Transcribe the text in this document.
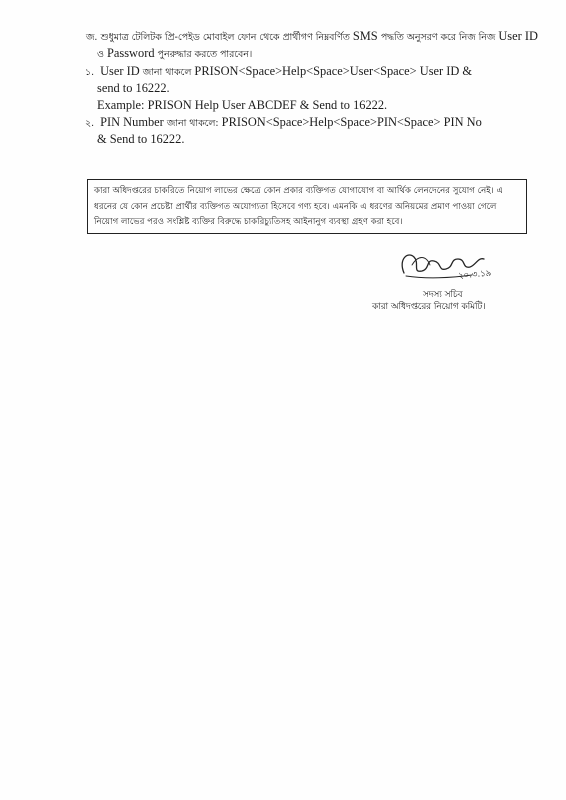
জ. শুধুমাত্র টেলিটক প্রি-পেইড মোবাইল ফোন থেকে প্রার্থীগণ নিম্নবর্ণিত SMS পদ্ধতি অনুসরণ করে নিজ নিজ User ID
ও Password পুনরুদ্ধার করতে পারবেন।
১. User ID জানা থাকলে PRISON<Space>Help<Space>User<Space> User ID &
send to 16222.
Example: PRISON Help User ABCDEF & Send to 16222.
২. PIN Number জানা থাকলে: PRISON<Space>Help<Space>PIN<Space> PIN No
& Send to 16222.
কারা অধিদপ্তরের চাকরিতে নিয়োগ লাভের ক্ষেত্রে কোন প্রকার ব্যক্তিগত যোগাযোগ বা আর্থিক লেনদেনের সুযোগ নেই। এ
ধরনের যে কোন প্রচেষ্টা প্রার্থীর ব্যক্তিগত অযোগ্যতা হিসেবে গণ্য হবে। এমনকি এ ধরণের অনিয়মের প্রমাণ পাওয়া গেলে
নিয়োগ লাভের পরও সংশ্লিষ্ট ব্যক্তির বিরুদ্ধে চাকরিচ্যুতিসহ আইনানুগ ব্যবস্থা গ্রহণ করা হবে।
২০.৩.১৯
সদস্য সচিব
কারা অধিদপ্তরের নিয়োগ কমিটি।
